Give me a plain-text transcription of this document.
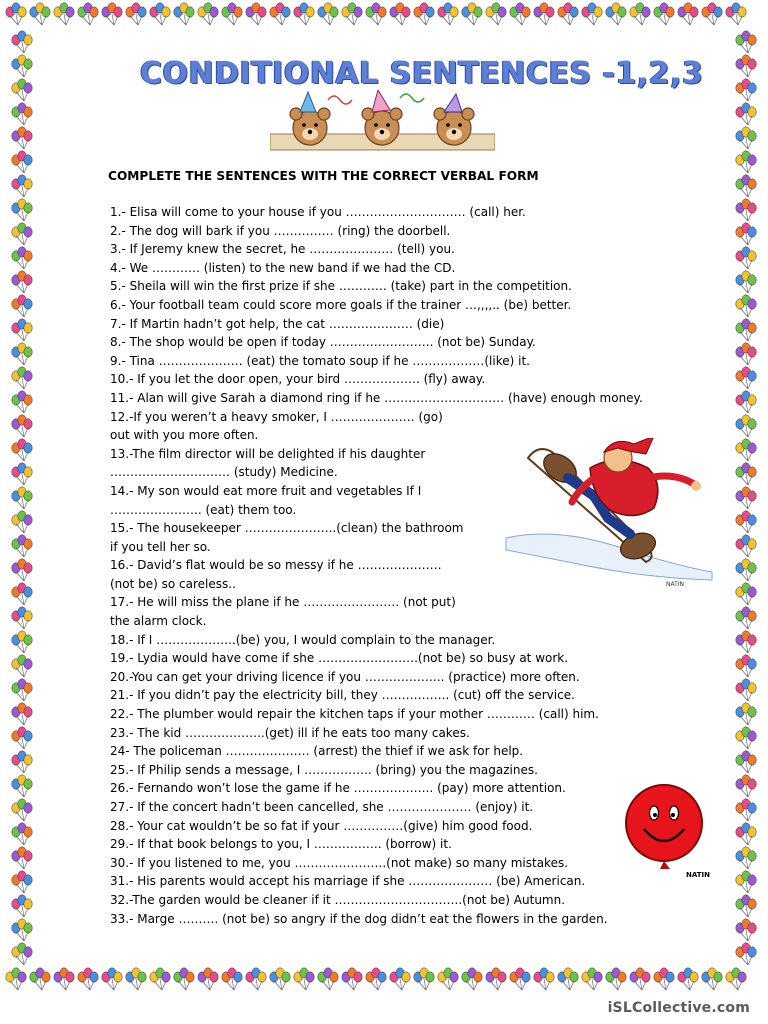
CONDITIONAL SENTENCES -1,2,3

COMPLETE THE SENTENCES WITH THE CORRECT VERBAL FORM

1.- Elisa will come to your house if you ………………………… (call) her.
2.- The dog will bark if you …………… (ring) the doorbell.
3.- If Jeremy knew the secret, he ………………… (tell) you.
4.- We ………… (listen) to the new band if we had the CD.
5.- Sheila will win the first prize if she ………… (take) part in the competition.
6.- Your football team could score more goals if the trainer …,,,,.. (be) better.
7.- If Martin hadn’t got help, the cat ………………… (die)
8.- The shop would be open if today …………………….. (not be) Sunday.
9.- Tina ………………… (eat) the tomato soup if he ………………(like) it.
10.- If you let the door open, your bird ………………. (fly) away.
11.- Alan will give Sarah a diamond ring if he ………………………… (have) enough money.
12.-If you weren’t a heavy smoker, I ………………… (go)
out with you more often.
13.-The film director will be delighted if his daughter
………………………… (study) Medicine.
14.- My son would eat more fruit and vegetables If I
………………….. (eat) them too.
15.- The housekeeper …………………..(clean) the bathroom
if you tell her so.
16.- David’s flat would be so messy if he …………………
(not be) so careless..
17.- He will miss the plane if he …………………… (not put)
the alarm clock.
18.- If I ………………..(be) you, I would complain to the manager.
19.- Lydia would have come if she …………………….(not be) so busy at work.
20.-You can get your driving licence if you ……………….. (practice) more often.
21.- If you didn’t pay the electricity bill, they …………….. (cut) off the service.
22.- The plumber would repair the kitchen taps if your mother ………… (call) him.
23.- The kid ………………..(get) ill if he eats too many cakes.
24- The policeman ………………… (arrest) the thief if we ask for help.
25.- If Philip sends a message, I …………….. (bring) you the magazines.
26.- Fernando won’t lose the game if he ……………….. (pay) more attention.
27.- If the concert hadn’t been cancelled, she ………………… (enjoy) it.
28.- Your cat wouldn’t be so fat if your ……………(give) him good food.
29.- If that book belongs to you, I …………….. (borrow) it.
30.- If you listened to me, you …………………..(not make) so many mistakes.
31.- His parents would accept his marriage if she ………………… (be) American.
32.-The garden would be cleaner if it …………………………..(not be) Autumn.
33.- Marge ………. (not be) so angry if the dog didn’t eat the flowers in the garden.
NATIN
NATIN

iSLCollective.com
